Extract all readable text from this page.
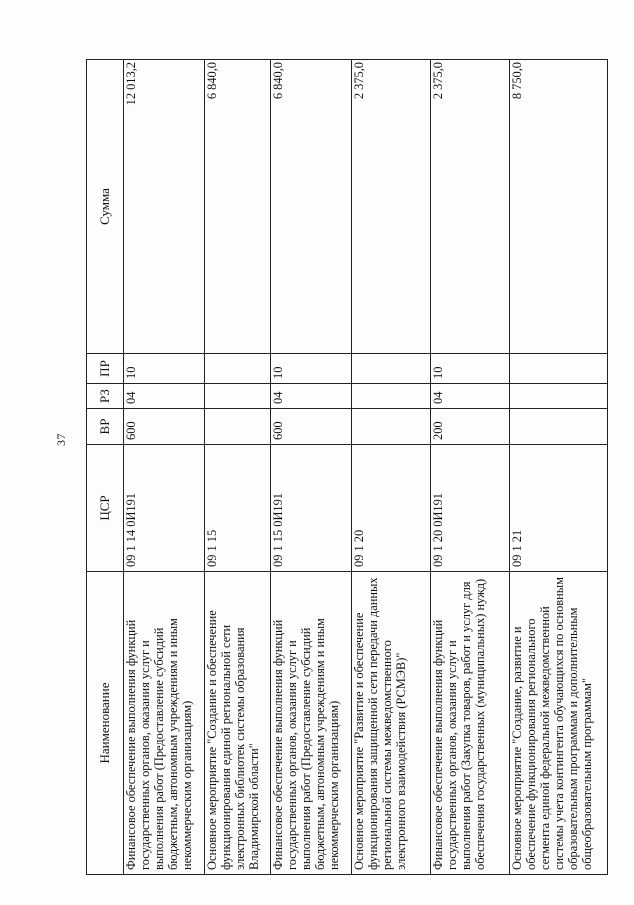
37
Наименование	ЦСР	ВР	РЗ	ПР	Сумма
Финансовое обеспечение выполнения функций государственных органов, оказания услуг и выполнения работ (Предоставление субсидий бюджетным, автономным учреждениям и иным некоммерческим организациям)	09 1 14 0И191	600	04	10	12 013,2
Основное мероприятие "Создание и обеспечение функционирования единой региональной сети электронных библиотек системы образования Владимирской области"	09 1 15				6 840,0
Финансовое обеспечение выполнения функций государственных органов, оказания услуг и выполнения работ (Предоставление субсидий бюджетным, автономным учреждениям и иным некоммерческим организациям)	09 1 15 0И191	600	04	10	6 840,0
Основное мероприятие "Развитие и обеспечение функционирования защищенной сети передачи данных региональной системы межведомственного электронного взаимодействия (РСМЭВ)"	09 1 20				2 375,0
Финансовое обеспечение выполнения функций государственных органов, оказания услуг и выполнения работ (Закупка товаров, работ и услуг для обеспечения государственных (муниципальных) нужд)	09 1 20 0И191	200	04	10	2 375,0
Основное мероприятие "Создание, развитие и обеспечение функционирования регионального сегмента единой федеральной межведомственной системы учета контингента обучающихся по основным образовательным программам и дополнительным общеобразовательным программам"	09 1 21				8 750,0
